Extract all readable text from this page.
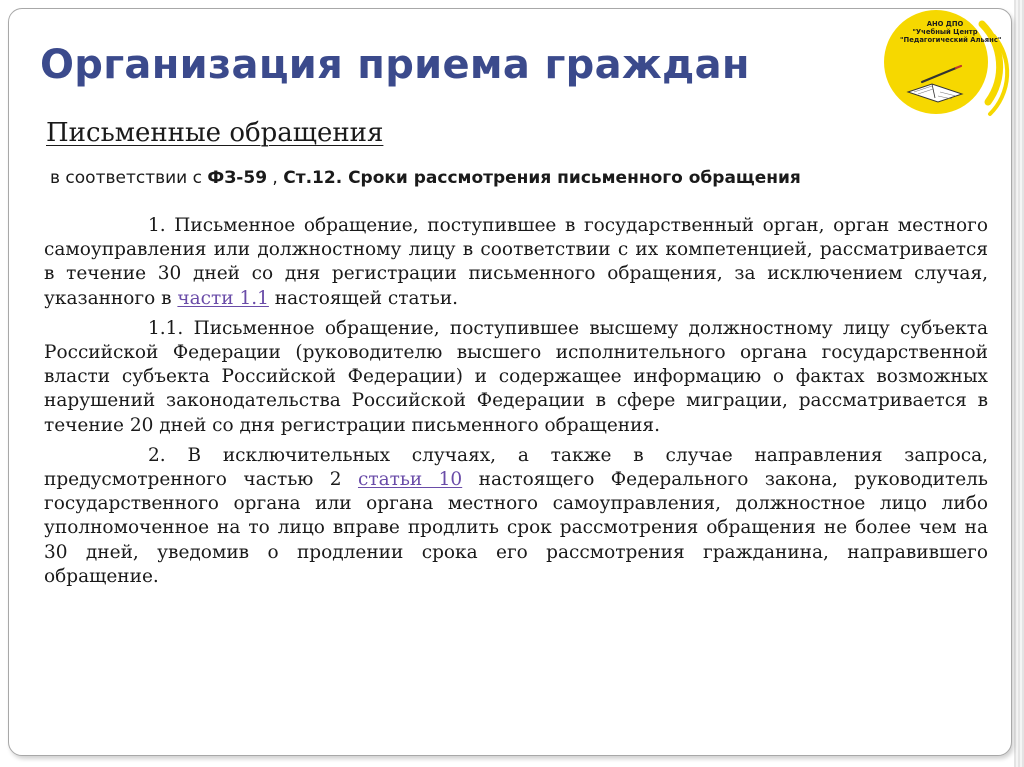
Организация приема граждан
АНО ДПО
"Учебный Центр
"Педагогический Альянс"
Письменные обращения
в соответствии с ФЗ-59 , Ст.12. Сроки рассмотрения письменного обращения

1. Письменное обращение, поступившее в государственный орган, орган местного самоуправления или должностному лицу в соответствии с их компетенцией, рассматривается в течение 30 дней со дня регистрации письменного обращения, за исключением случая, указанного в части 1.1 настоящей статьи.

1.1. Письменное обращение, поступившее высшему должностному лицу субъекта Российской Федерации (руководителю высшего исполнительного органа государственной власти субъекта Российской Федерации) и содержащее информацию о фактах возможных нарушений законодательства Российской Федерации в сфере миграции, рассматривается в течение 20 дней со дня регистрации письменного обращения.

2. В исключительных случаях, а также в случае направления запроса, предусмотренного частью 2 статьи 10 настоящего Федерального закона, руководитель государственного органа или органа местного самоуправления, должностное лицо либо уполномоченное на то лицо вправе продлить срок рассмотрения обращения не более чем на 30 дней, уведомив о продлении срока его рассмотрения гражданина, направившего обращение.
